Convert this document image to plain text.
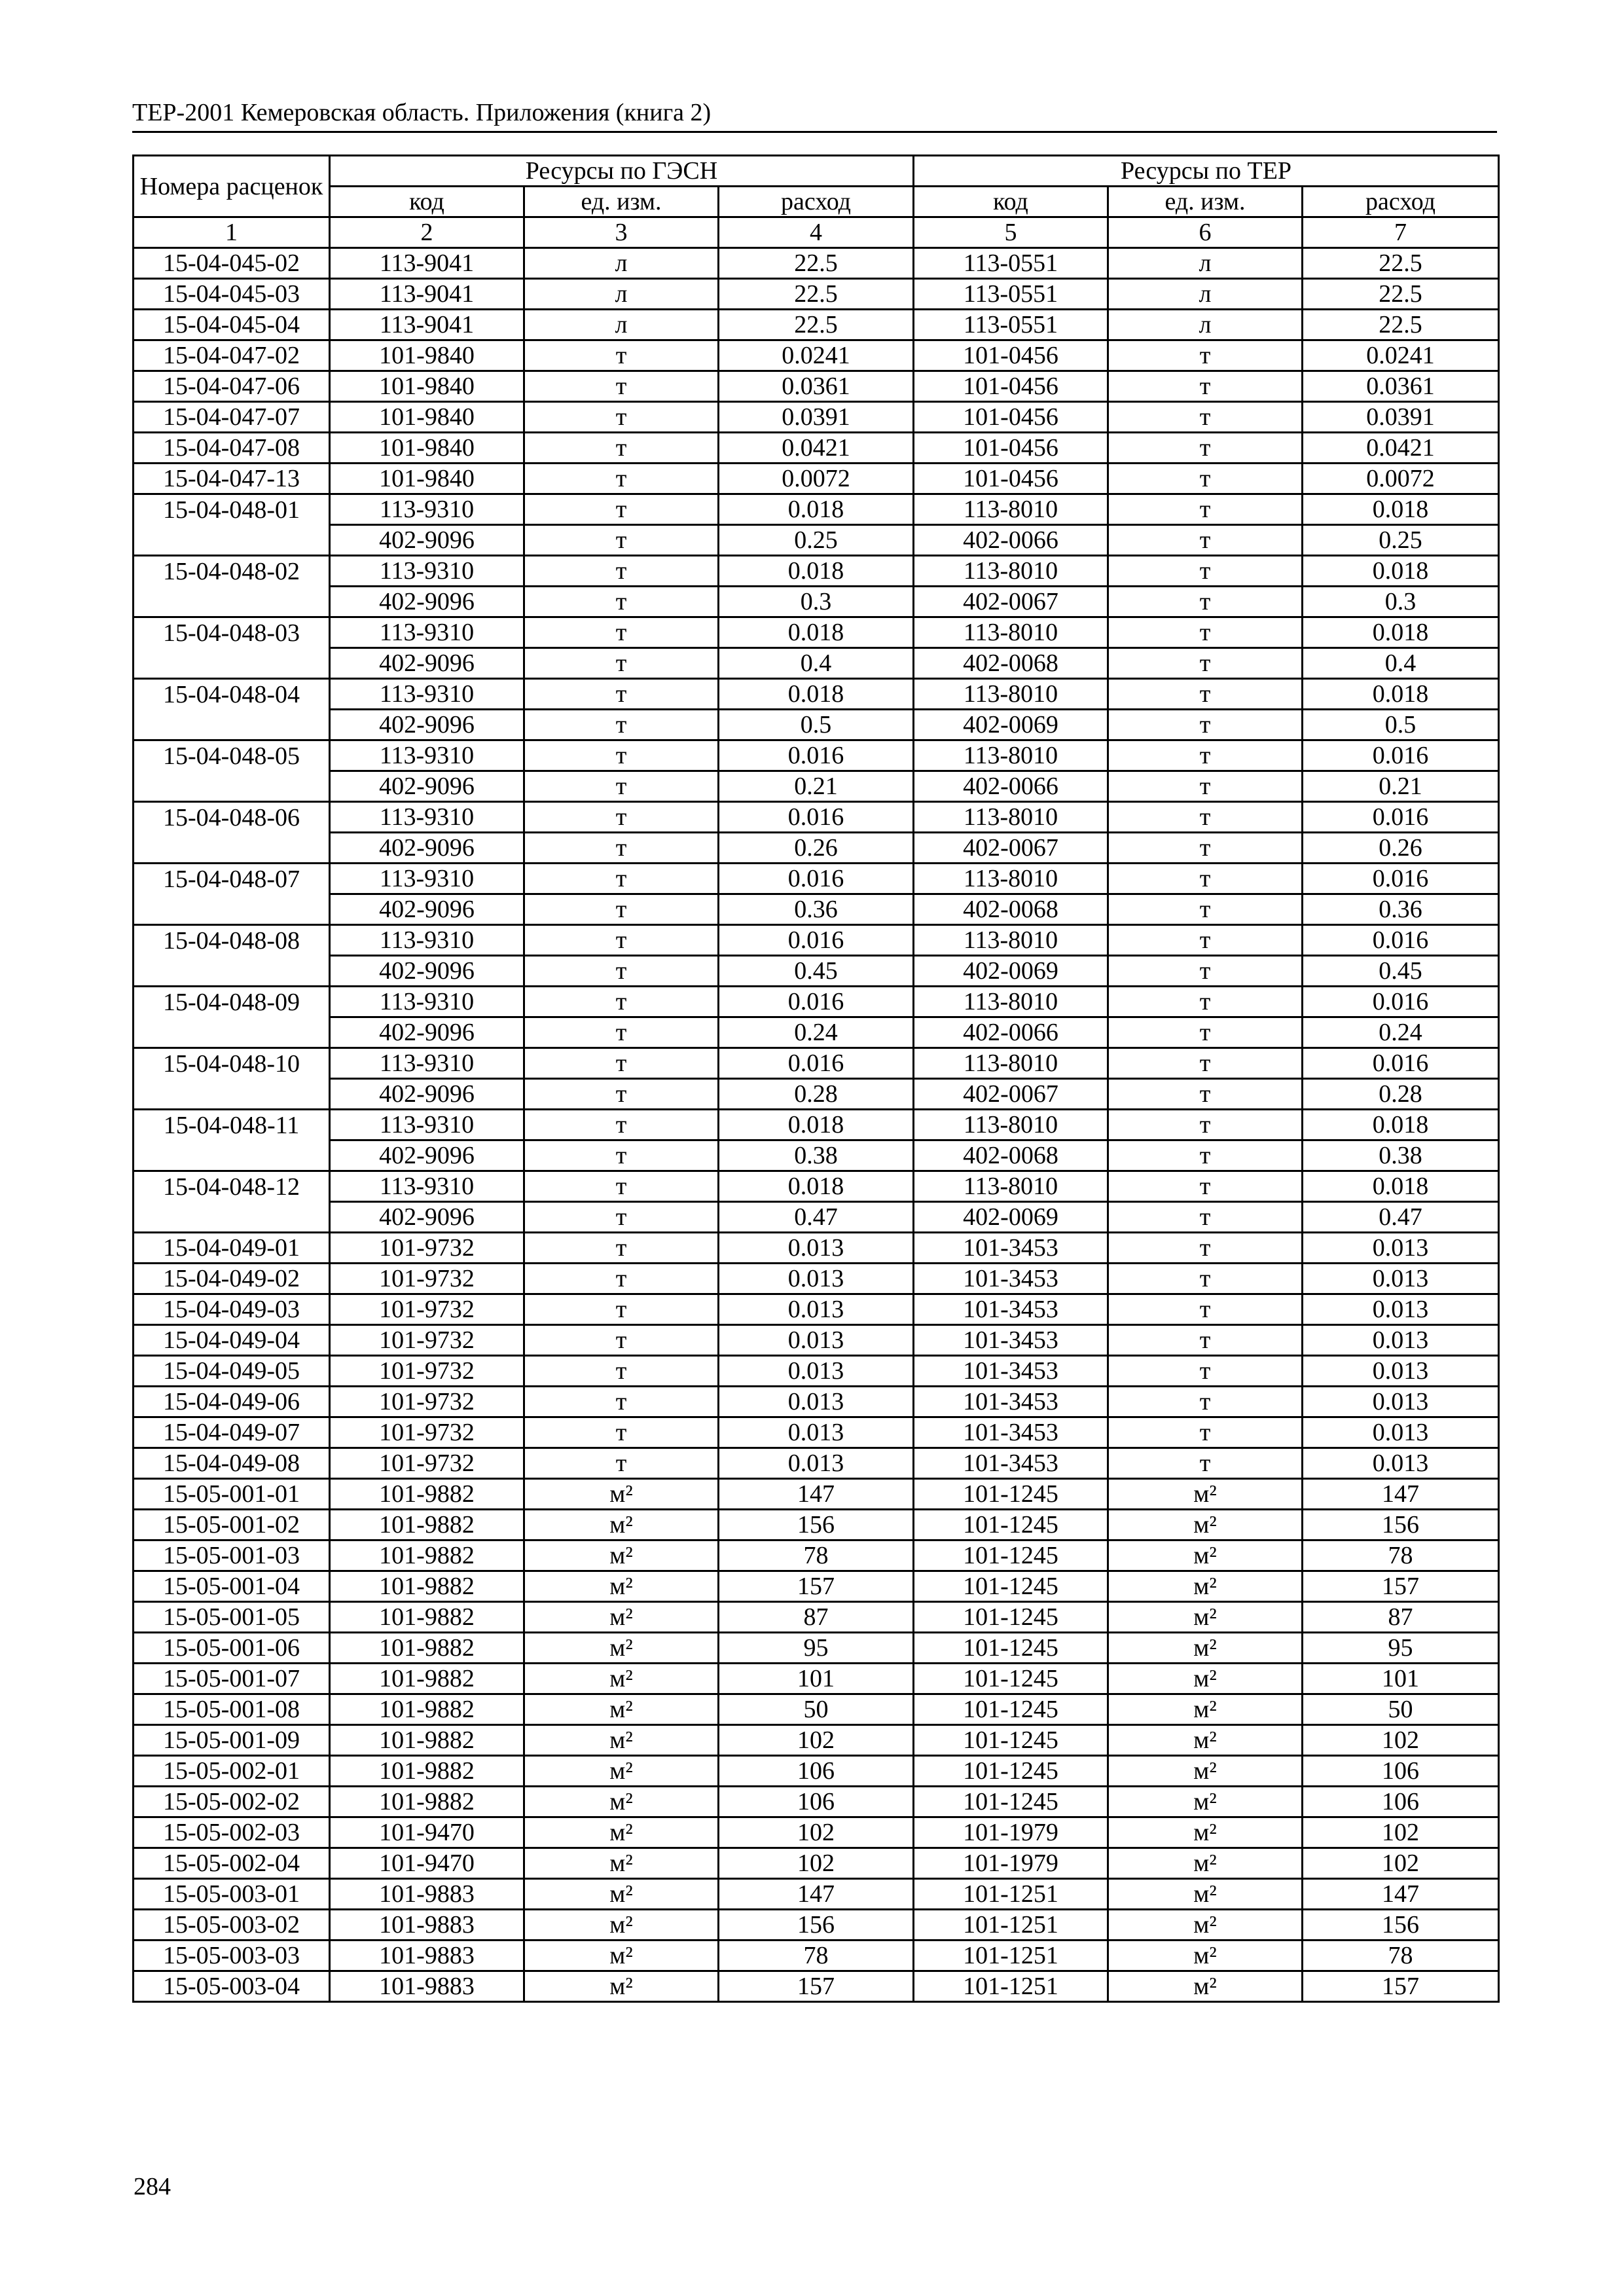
ТЕР-2001 Кемеровская область. Приложения (книга 2)
Номера расценок	Ресурсы по ГЭСН			Ресурсы по ТЕР		
	код	ед. изм.	расход	код	ед. изм.	расход
1	2	3	4	5	6	7
15-04-045-02	113-9041	л	22.5	113-0551	л	22.5
15-04-045-03	113-9041	л	22.5	113-0551	л	22.5
15-04-045-04	113-9041	л	22.5	113-0551	л	22.5
15-04-047-02	101-9840	т	0.0241	101-0456	т	0.0241
15-04-047-06	101-9840	т	0.0361	101-0456	т	0.0361
15-04-047-07	101-9840	т	0.0391	101-0456	т	0.0391
15-04-047-08	101-9840	т	0.0421	101-0456	т	0.0421
15-04-047-13	101-9840	т	0.0072	101-0456	т	0.0072
15-04-048-01	113-9310	т	0.018	113-8010	т	0.018
	402-9096	т	0.25	402-0066	т	0.25
15-04-048-02	113-9310	т	0.018	113-8010	т	0.018
	402-9096	т	0.3	402-0067	т	0.3
15-04-048-03	113-9310	т	0.018	113-8010	т	0.018
	402-9096	т	0.4	402-0068	т	0.4
15-04-048-04	113-9310	т	0.018	113-8010	т	0.018
	402-9096	т	0.5	402-0069	т	0.5
15-04-048-05	113-9310	т	0.016	113-8010	т	0.016
	402-9096	т	0.21	402-0066	т	0.21
15-04-048-06	113-9310	т	0.016	113-8010	т	0.016
	402-9096	т	0.26	402-0067	т	0.26
15-04-048-07	113-9310	т	0.016	113-8010	т	0.016
	402-9096	т	0.36	402-0068	т	0.36
15-04-048-08	113-9310	т	0.016	113-8010	т	0.016
	402-9096	т	0.45	402-0069	т	0.45
15-04-048-09	113-9310	т	0.016	113-8010	т	0.016
	402-9096	т	0.24	402-0066	т	0.24
15-04-048-10	113-9310	т	0.016	113-8010	т	0.016
	402-9096	т	0.28	402-0067	т	0.28
15-04-048-11	113-9310	т	0.018	113-8010	т	0.018
	402-9096	т	0.38	402-0068	т	0.38
15-04-048-12	113-9310	т	0.018	113-8010	т	0.018
	402-9096	т	0.47	402-0069	т	0.47
15-04-049-01	101-9732	т	0.013	101-3453	т	0.013
15-04-049-02	101-9732	т	0.013	101-3453	т	0.013
15-04-049-03	101-9732	т	0.013	101-3453	т	0.013
15-04-049-04	101-9732	т	0.013	101-3453	т	0.013
15-04-049-05	101-9732	т	0.013	101-3453	т	0.013
15-04-049-06	101-9732	т	0.013	101-3453	т	0.013
15-04-049-07	101-9732	т	0.013	101-3453	т	0.013
15-04-049-08	101-9732	т	0.013	101-3453	т	0.013
15-05-001-01	101-9882	м²	147	101-1245	м²	147
15-05-001-02	101-9882	м²	156	101-1245	м²	156
15-05-001-03	101-9882	м²	78	101-1245	м²	78
15-05-001-04	101-9882	м²	157	101-1245	м²	157
15-05-001-05	101-9882	м²	87	101-1245	м²	87
15-05-001-06	101-9882	м²	95	101-1245	м²	95
15-05-001-07	101-9882	м²	101	101-1245	м²	101
15-05-001-08	101-9882	м²	50	101-1245	м²	50
15-05-001-09	101-9882	м²	102	101-1245	м²	102
15-05-002-01	101-9882	м²	106	101-1245	м²	106
15-05-002-02	101-9882	м²	106	101-1245	м²	106
15-05-002-03	101-9470	м²	102	101-1979	м²	102
15-05-002-04	101-9470	м²	102	101-1979	м²	102
15-05-003-01	101-9883	м²	147	101-1251	м²	147
15-05-003-02	101-9883	м²	156	101-1251	м²	156
15-05-003-03	101-9883	м²	78	101-1251	м²	78
15-05-003-04	101-9883	м²	157	101-1251	м²	157
284
